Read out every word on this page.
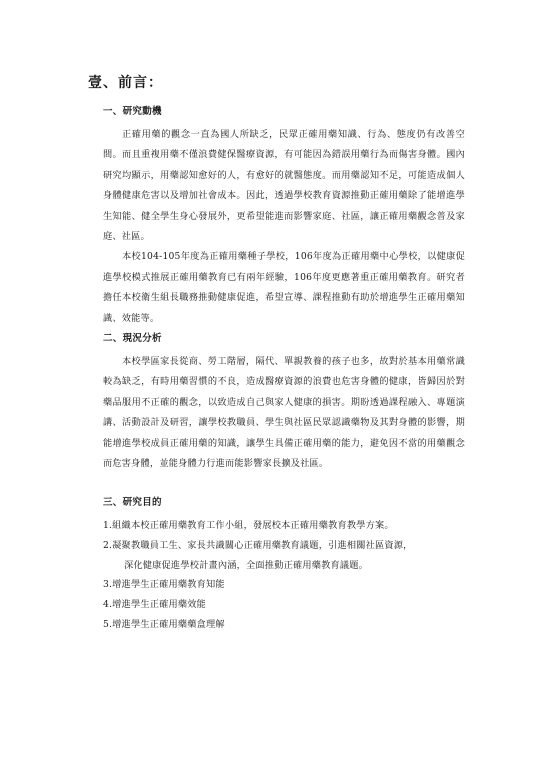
壹、前言：
一、研究動機

正確用藥的觀念一直為國人所缺乏，民眾正確用藥知識、行為、態度仍有改善空間。而且重複用藥不僅浪費健保醫療資源，有可能因為錯誤用藥行為而傷害身體。國內研究均顯示，用藥認知愈好的人，有愈好的就醫態度。而用藥認知不足，可能造成個人身體健康危害以及增加社會成本。因此，透過學校教育資源推動正確用藥除了能增進學生知能、健全學生身心發展外，更希望能進而影響家庭、社區，讓正確用藥觀念普及家庭、社區。

本校104-105年度為正確用藥種子學校，106年度為正確用藥中心學校，以健康促進學校模式推展正確用藥教育已有兩年經驗，106年度更應著重正確用藥教育。研究者擔任本校衛生組長職務推動健康促進，希望宣導、課程推動有助於增進學生正確用藥知識、效能等。

二、現況分析

本校學區家長從商、勞工階層，隔代、單親教養的孩子也多，故對於基本用藥常識較為缺乏，有時用藥習慣的不良，造成醫療資源的浪費也危害身體的健康，皆歸因於對藥品服用不正確的觀念，以致造成自己與家人健康的損害。期盼透過課程融入、專題演講、活動設計及研習，讓學校教職員、學生與社區民眾認識藥物及其對身體的影響，期能增進學校成員正確用藥的知識，讓學生具備正確用藥的能力，避免因不當的用藥觀念而危害身體，並能身體力行進而能影響家長擴及社區。

三、研究目的

1.組織本校正確用藥教育工作小組，發展校本正確用藥教育教學方案。

2.凝聚教職員工生、家長共識關心正確用藥教育議題，引進相關社區資源，

深化健康促進學校計畫內涵，全面推動正確用藥教育議題。

3.增進學生正確用藥教育知能

4.增進學生正確用藥效能

5.增進學生正確用藥藥盒理解
